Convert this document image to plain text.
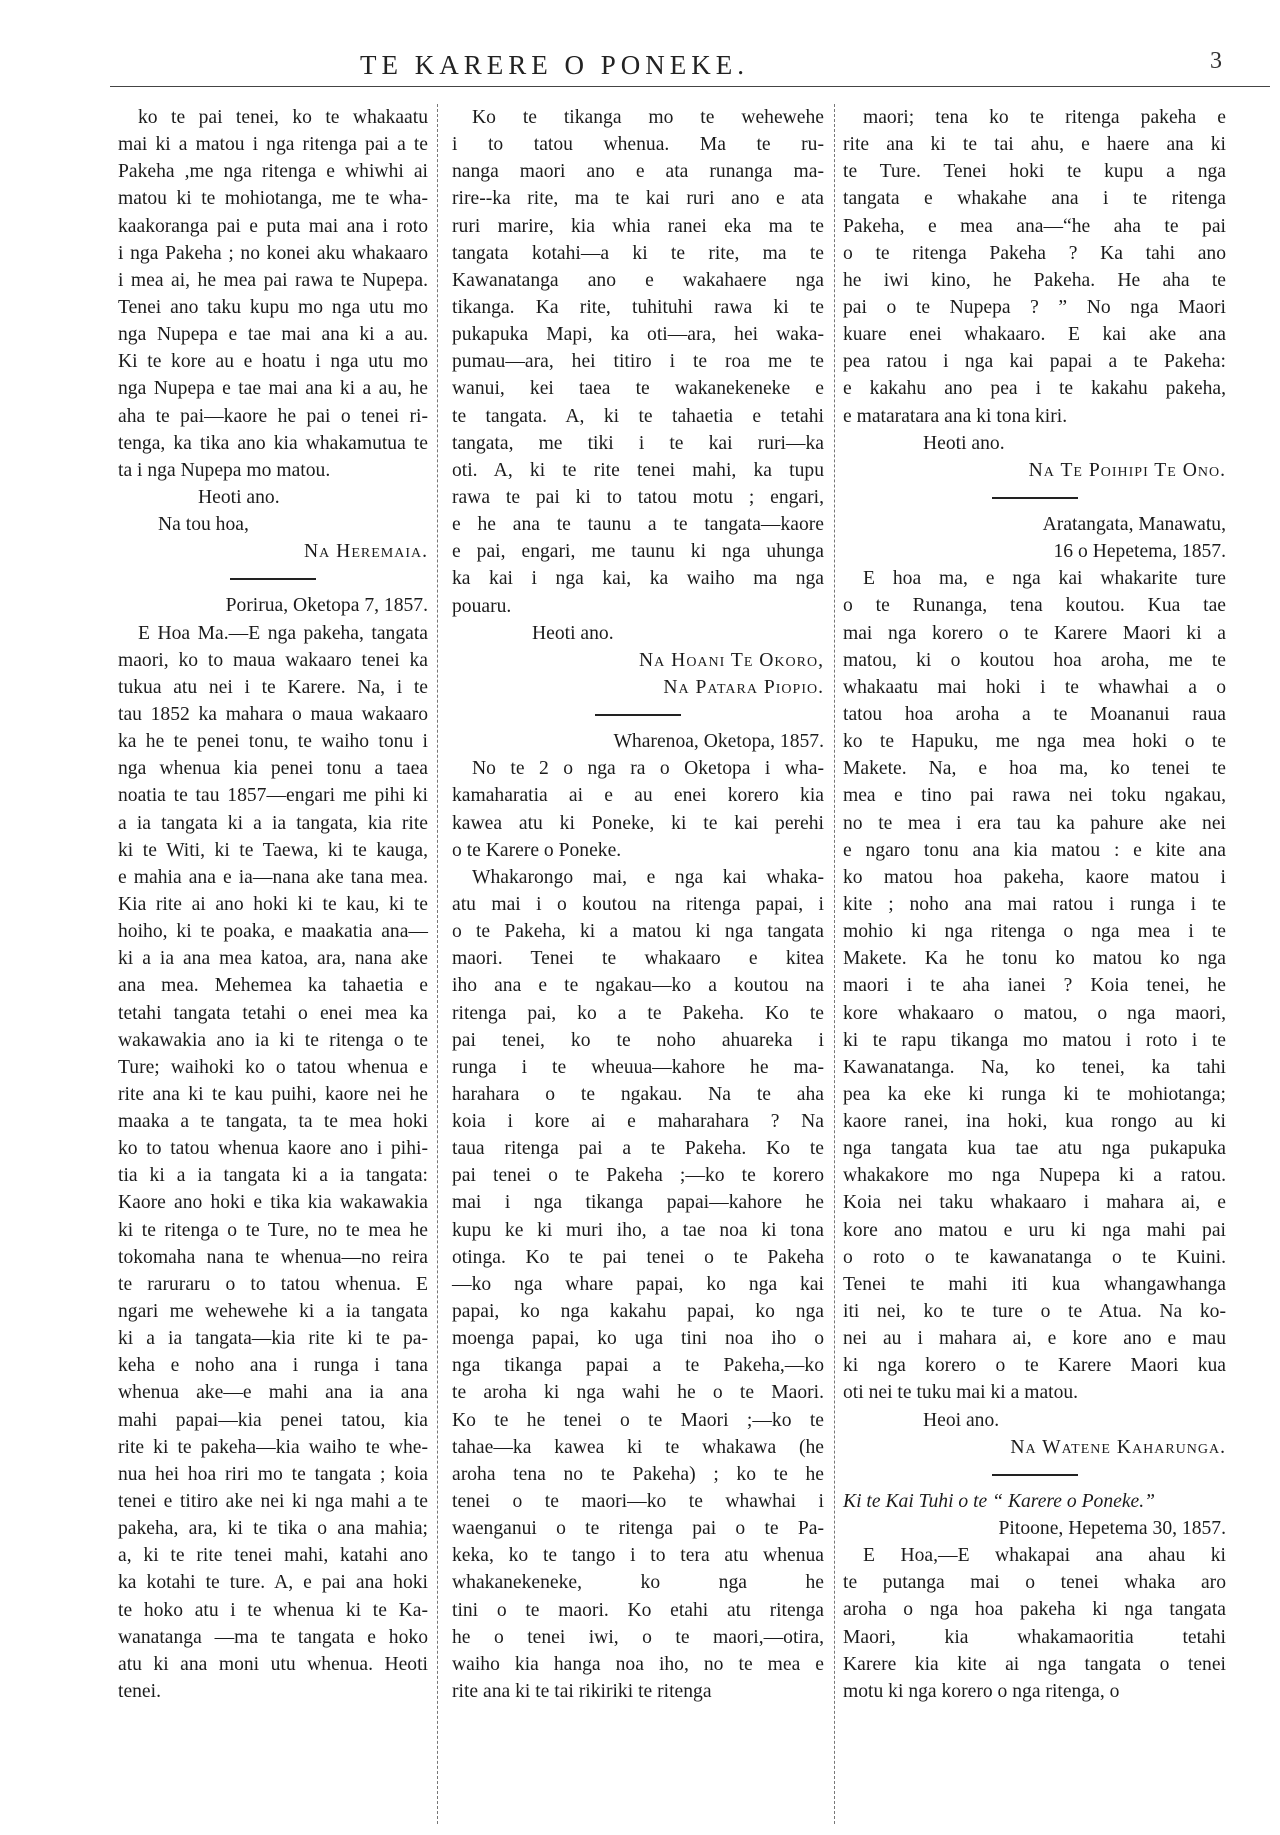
TE KARERE O PONEKE.	3
ko te pai tenei, ko te whakaatu
mai ki a matou i nga ritenga pai a te
Pakeha ,me nga ritenga e whiwhi ai
matou ki te mohiotanga, me te wha-
kaakoranga pai e puta mai ana i roto
i nga Pakeha ; no konei aku whakaaro
i mea ai, he mea pai rawa te Nupepa.
Tenei ano taku kupu mo nga utu mo
nga Nupepa e tae mai ana ki a au.
Ki te kore au e hoatu i nga utu mo
nga Nupepa e tae mai ana ki a au, he
aha te pai—kaore he pai o tenei ri-
tenga, ka tika ano kia whakamutua te
ta i nga Nupepa mo matou.
Heoti ano.
Na tou hoa,
Na Heremaia.
Porirua, Oketopa 7, 1857.
E Hoa Ma.—E nga pakeha, tangata
maori, ko to maua wakaaro tenei ka
tukua atu nei i te Karere. Na, i te
tau 1852 ka mahara o maua wakaaro
ka he te penei tonu, te waiho tonu i
nga whenua kia penei tonu a taea
noatia te tau 1857—engari me pihi ki
a ia tangata ki a ia tangata, kia rite
ki te Witi, ki te Taewa, ki te kauga,
e mahia ana e ia—nana ake tana mea.
Kia rite ai ano hoki ki te kau, ki te
hoiho, ki te poaka, e maakatia ana—
ki a ia ana mea katoa, ara, nana ake
ana mea. Mehemea ka tahaetia e
tetahi tangata tetahi o enei mea ka
wakawakia ano ia ki te ritenga o te
Ture; waihoki ko o tatou whenua e
rite ana ki te kau puihi, kaore nei he
maaka a te tangata, ta te mea hoki
ko to tatou whenua kaore ano i pihi-
tia ki a ia tangata ki a ia tangata:
Kaore ano hoki e tika kia wakawakia
ki te ritenga o te Ture, no te mea he
tokomaha nana te whenua—no reira
te raruraru o to tatou whenua. E
ngari me wehewehe ki a ia tangata
ki a ia tangata—kia rite ki te pa-
keha e noho ana i runga i tana
whenua ake—e mahi ana ia ana
mahi papai—kia penei tatou, kia
rite ki te pakeha—kia waiho te whe-
nua hei hoa riri mo te tangata ; koia
tenei e titiro ake nei ki nga mahi a te
pakeha, ara, ki te tika o ana mahia;
a, ki te rite tenei mahi, katahi ano
ka kotahi te ture. A, e pai ana hoki
te hoko atu i te whenua ki te Ka-
wanatanga —ma te tangata e hoko
atu ki ana moni utu whenua. Heoti
tenei.
Ko te tikanga mo te wehewehe
i to tatou whenua. Ma te ru-
nanga maori ano e ata runanga ma-
rire--ka rite, ma te kai ruri ano e ata
ruri marire, kia whia ranei eka ma te
tangata kotahi—a ki te rite, ma te
Kawanatanga ano e wakahaere nga
tikanga. Ka rite, tuhituhi rawa ki te
pukapuka Mapi, ka oti—ara, hei waka-
pumau—ara, hei titiro i te roa me te
wanui, kei taea te wakanekeneke e
te tangata. A, ki te tahaetia e tetahi
tangata, me tiki i te kai ruri—ka
oti. A, ki te rite tenei mahi, ka tupu
rawa te pai ki to tatou motu ; engari,
e he ana te taunu a te tangata—kaore
e pai, engari, me taunu ki nga uhunga
ka kai i nga kai, ka waiho ma nga
pouaru.
Heoti ano.
Na Hoani Te Okoro,
Na Patara Piopio.
Wharenoa, Oketopa, 1857.
No te 2 o nga ra o Oketopa i wha-
kamaharatia ai e au enei korero kia
kawea atu ki Poneke, ki te kai perehi
o te Karere o Poneke.
Whakarongo mai, e nga kai whaka-
atu mai i o koutou na ritenga papai, i
o te Pakeha, ki a matou ki nga tangata
maori. Tenei te whakaaro e kitea
iho ana e te ngakau—ko a koutou na
ritenga pai, ko a te Pakeha. Ko te
pai tenei, ko te noho ahuareka i
runga i te wheuua—kahore he ma-
harahara o te ngakau. Na te aha
koia i kore ai e maharahara ? Na
taua ritenga pai a te Pakeha. Ko te
pai tenei o te Pakeha ;—ko te korero
mai i nga tikanga papai—kahore he
kupu ke ki muri iho, a tae noa ki tona
otinga. Ko te pai tenei o te Pakeha
—ko nga whare papai, ko nga kai
papai, ko nga kakahu papai, ko nga
moenga papai, ko uga tini noa iho o
nga tikanga papai a te Pakeha,—ko
te aroha ki nga wahi he o te Maori.
Ko te he tenei o te Maori ;—ko te
tahae—ka kawea ki te whakawa (he
aroha tena no te Pakeha) ; ko te he
tenei o te maori—ko te whawhai i
waenganui o te ritenga pai o te Pa-
keka, ko te tango i to tera atu whenua
whakanekeneke, ko nga he
tini o te maori. Ko etahi atu ritenga
he o tenei iwi, o te maori,—otira,
waiho kia hanga noa iho, no te mea e
rite ana ki te tai rikiriki te ritenga
maori; tena ko te ritenga pakeha e
rite ana ki te tai ahu, e haere ana ki
te Ture. Tenei hoki te kupu a nga
tangata e whakahe ana i te ritenga
Pakeha, e mea ana—“he aha te pai
o te ritenga Pakeha ? Ka tahi ano
he iwi kino, he Pakeha. He aha te
pai o te Nupepa ? ” No nga Maori
kuare enei whakaaro. E kai ake ana
pea ratou i nga kai papai a te Pakeha:
e kakahu ano pea i te kakahu pakeha,
e mataratara ana ki tona kiri.
Heoti ano.
Na Te Poihipi Te Ono.
Aratangata, Manawatu,
16 o Hepetema, 1857.
E hoa ma, e nga kai whakarite ture
o te Runanga, tena koutou. Kua tae
mai nga korero o te Karere Maori ki a
matou, ki o koutou hoa aroha, me te
whakaatu mai hoki i te whawhai a o
tatou hoa aroha a te Moananui raua
ko te Hapuku, me nga mea hoki o te
Makete. Na, e hoa ma, ko tenei te
mea e tino pai rawa nei toku ngakau,
no te mea i era tau ka pahure ake nei
e ngaro tonu ana kia matou : e kite ana
ko matou hoa pakeha, kaore matou i
kite ; noho ana mai ratou i runga i te
mohio ki nga ritenga o nga mea i te
Makete. Ka he tonu ko matou ko nga
maori i te aha ianei ? Koia tenei, he
kore whakaaro o matou, o nga maori,
ki te rapu tikanga mo matou i roto i te
Kawanatanga. Na, ko tenei, ka tahi
pea ka eke ki runga ki te mohiotanga;
kaore ranei, ina hoki, kua rongo au ki
nga tangata kua tae atu nga pukapuka
whakakore mo nga Nupepa ki a ratou.
Koia nei taku whakaaro i mahara ai, e
kore ano matou e uru ki nga mahi pai
o roto o te kawanatanga o te Kuini.
Tenei te mahi iti kua whangawhanga
iti nei, ko te ture o te Atua. Na ko-
nei au i mahara ai, e kore ano e mau
ki nga korero o te Karere Maori kua
oti nei te tuku mai ki a matou.
Heoi ano.
Na Watene Kaharunga.
Ki te Kai Tuhi o te “ Karere o Poneke.”
Pitoone, Hepetema 30, 1857.
E Hoa,—E whakapai ana ahau ki
te putanga mai o tenei whaka aro
aroha o nga hoa pakeha ki nga tangata
Maori, kia whakamaoritia tetahi
Karere kia kite ai nga tangata o tenei
motu ki nga korero o nga ritenga, o
